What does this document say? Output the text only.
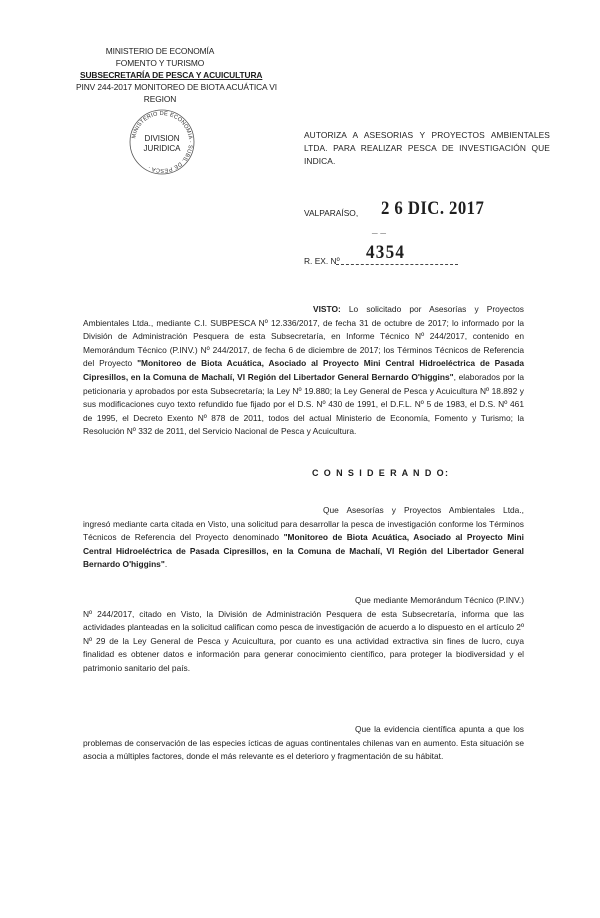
MINISTERIO DE ECONOMÍA
FOMENTO Y TURISMO
SUBSECRETARÍA DE PESCA Y ACUICULTURA
PINV 244-2017 MONITOREO DE BIOTA ACUÁTICA VI
REGION
MINISTERIO DE ECONOMIA · SUBS. DE PESCA ·
DIVISION
JURIDICA
AUTORIZA A ASESORIAS Y PROYECTOS AMBIENTALES LTDA. PARA REALIZAR PESCA DE INVESTIGACIÓN QUE INDICA.
VALPARAÍSO, 2 6 DIC. 2017
_ _
R. EX. Nº 4354
VISTO: Lo solicitado por Asesorías y Proyectos Ambientales Ltda., mediante C.I. SUBPESCA Nº 12.336/2017, de fecha 31 de octubre de 2017; lo informado por la División de Administración Pesquera de esta Subsecretaría, en Informe Técnico Nº 244/2017, contenido en Memorándum Técnico (P.INV.) Nº 244/2017, de fecha 6 de diciembre de 2017; los Términos Técnicos de Referencia del Proyecto "Monitoreo de Biota Acuática, Asociado al Proyecto Mini Central Hidroeléctrica de Pasada Cipresillos, en la Comuna de Machalí, VI Región del Libertador General Bernardo O'higgins", elaborados por la peticionaria y aprobados por esta Subsecretaría; la Ley Nº 19.880; la Ley General de Pesca y Acuicultura Nº 18.892 y sus modificaciones cuyo texto refundido fue fijado por el D.S. Nº 430 de 1991, el D.F.L. Nº 5 de 1983, el D.S. Nº 461 de 1995, el Decreto Exento Nº 878 de 2011, todos del actual Ministerio de Economía, Fomento y Turismo; la Resolución Nº 332 de 2011, del Servicio Nacional de Pesca y Acuicultura.
C O N S I D E R A N D O:
Que Asesorías y Proyectos Ambientales Ltda., ingresó mediante carta citada en Visto, una solicitud para desarrollar la pesca de investigación conforme los Términos Técnicos de Referencia del Proyecto denominado "Monitoreo de Biota Acuática, Asociado al Proyecto Mini Central Hidroeléctrica de Pasada Cipresillos, en la Comuna de Machalí, VI Región del Libertador General Bernardo O'higgins".
Que mediante Memorándum Técnico (P.INV.) Nº 244/2017, citado en Visto, la División de Administración Pesquera de esta Subsecretaría, informa que las actividades planteadas en la solicitud califican como pesca de investigación de acuerdo a lo dispuesto en el artículo 2º Nº 29 de la Ley General de Pesca y Acuicultura, por cuanto es una actividad extractiva sin fines de lucro, cuya finalidad es obtener datos e información para generar conocimiento científico, para proteger la biodiversidad y el patrimonio sanitario del país.
Que la evidencia científica apunta a que los problemas de conservación de las especies ícticas de aguas continentales chilenas van en aumento. Esta situación se asocia a múltiples factores, donde el más relevante es el deterioro y fragmentación de su hábitat.
